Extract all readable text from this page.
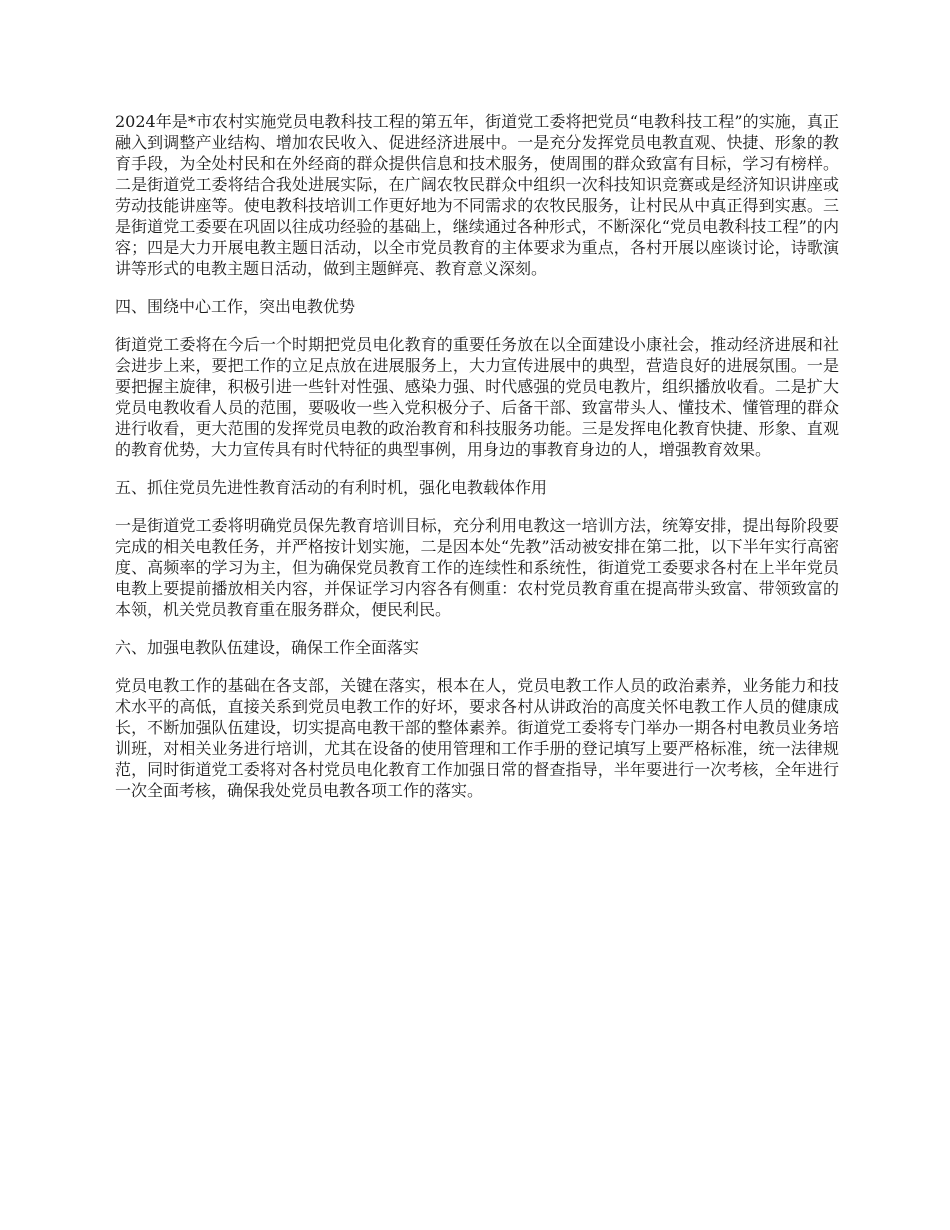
2024年是*市农村实施党员电教科技工程的第五年，街道党工委将把党员“电教科技工程”的实施，真正融入到调整产业结构、增加农民收入、促进经济进展中。一是充分发挥党员电教直观、快捷、形象的教育手段，为全处村民和在外经商的群众提供信息和技术服务，使周围的群众致富有目标，学习有榜样。二是街道党工委将结合我处进展实际，在广阔农牧民群众中组织一次科技知识竞赛或是经济知识讲座或劳动技能讲座等。使电教科技培训工作更好地为不同需求的农牧民服务，让村民从中真正得到实惠。三是街道党工委要在巩固以往成功经验的基础上，继续通过各种形式，不断深化“党员电教科技工程”的内容；四是大力开展电教主题日活动，以全市党员教育的主体要求为重点，各村开展以座谈讨论，诗歌演讲等形式的电教主题日活动，做到主题鲜亮、教育意义深刻。

四、围绕中心工作，突出电教优势

街道党工委将在今后一个时期把党员电化教育的重要任务放在以全面建设小康社会，推动经济进展和社会进步上来，要把工作的立足点放在进展服务上，大力宣传进展中的典型，营造良好的进展氛围。一是要把握主旋律，积极引进一些针对性强、感染力强、时代感强的党员电教片，组织播放收看。二是扩大党员电教收看人员的范围，要吸收一些入党积极分子、后备干部、致富带头人、懂技术、懂管理的群众进行收看，更大范围的发挥党员电教的政治教育和科技服务功能。三是发挥电化教育快捷、形象、直观的教育优势，大力宣传具有时代特征的典型事例，用身边的事教育身边的人，增强教育效果。

五、抓住党员先进性教育活动的有利时机，强化电教载体作用

一是街道党工委将明确党员保先教育培训目标，充分利用电教这一培训方法，统筹安排，提出每阶段要完成的相关电教任务，并严格按计划实施，二是因本处“先教”活动被安排在第二批，以下半年实行高密度、高频率的学习为主，但为确保党员教育工作的连续性和系统性，街道党工委要求各村在上半年党员电教上要提前播放相关内容，并保证学习内容各有侧重：农村党员教育重在提高带头致富、带领致富的本领，机关党员教育重在服务群众，便民利民。

六、加强电教队伍建设，确保工作全面落实

党员电教工作的基础在各支部，关键在落实，根本在人，党员电教工作人员的政治素养，业务能力和技术水平的高低，直接关系到党员电教工作的好坏，要求各村从讲政治的高度关怀电教工作人员的健康成长，不断加强队伍建设，切实提高电教干部的整体素养。街道党工委将专门举办一期各村电教员业务培训班，对相关业务进行培训，尤其在设备的使用管理和工作手册的登记填写上要严格标准，统一法律规范，同时街道党工委将对各村党员电化教育工作加强日常的督查指导，半年要进行一次考核，全年进行一次全面考核，确保我处党员电教各项工作的落实。
